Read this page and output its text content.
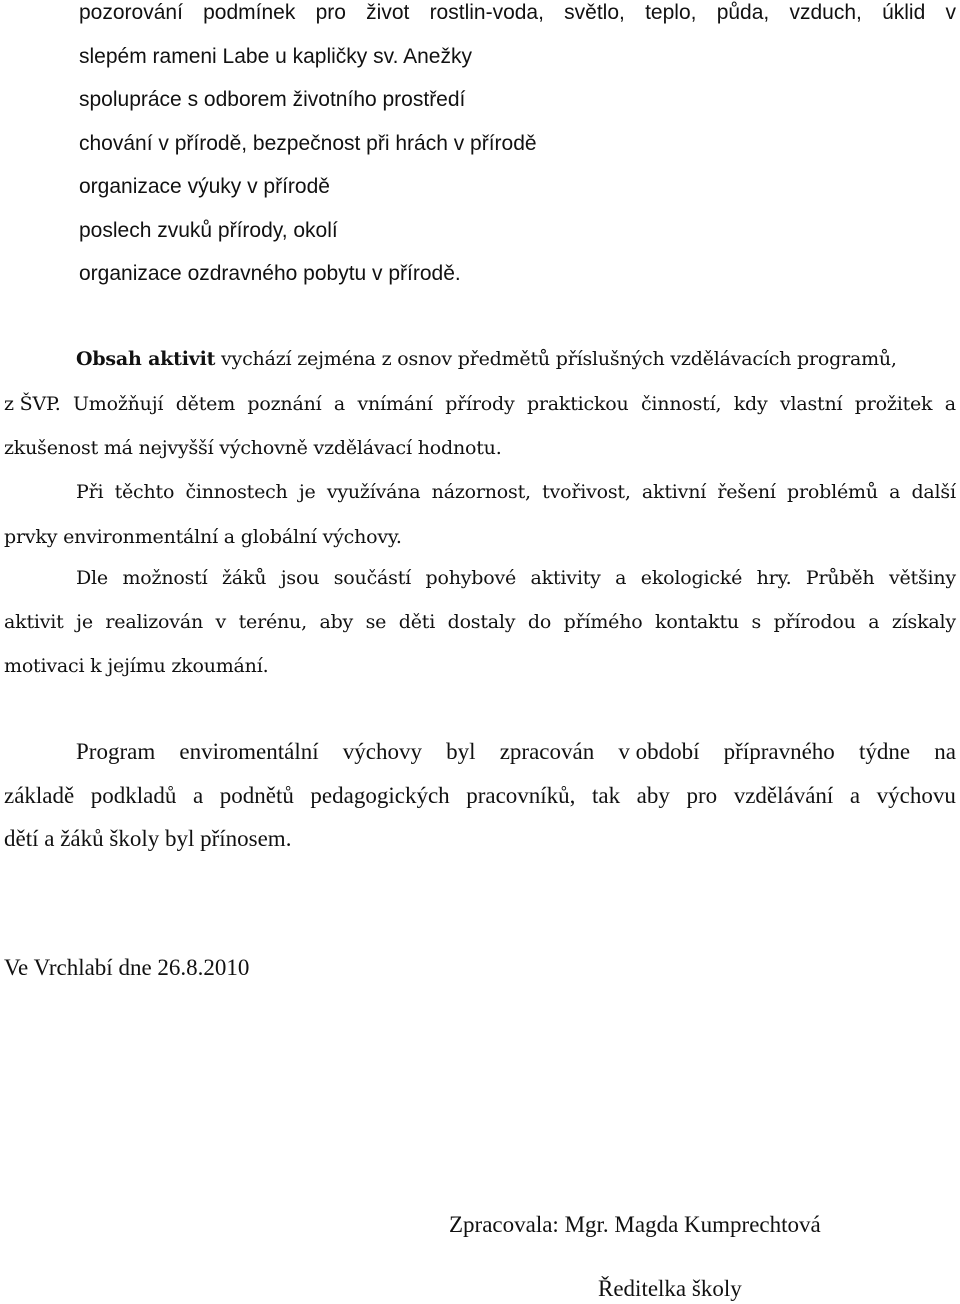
pozorování podmínek pro život rostlin-voda, světlo, teplo, půda, vzduch, úklid v
slepém rameni Labe u kapličky sv. Anežky
spolupráce s odborem životního prostředí
chování v přírodě, bezpečnost při hrách v přírodě
organizace výuky v přírodě
poslech zvuků přírody, okolí
organizace ozdravného pobytu v přírodě.
Obsah aktivit vychází zejména z osnov předmětů příslušných vzdělávacích programů,
z ŠVP. Umožňují dětem poznání a vnímání přírody praktickou činností, kdy vlastní prožitek a
zkušenost má nejvyšší výchovně vzdělávací hodnotu.
Při těchto činnostech je využívána názornost, tvořivost, aktivní řešení problémů a další
prvky environmentální a globální výchovy.
Dle možností žáků jsou součástí pohybové aktivity a ekologické hry. Průběh většiny
aktivit je realizován v terénu, aby se děti dostaly do přímého kontaktu s přírodou a získaly
motivaci k jejímu zkoumání.
Program enviromentální výchovy byl zpracován v období přípravného týdne na
základě podkladů a podnětů pedagogických pracovníků, tak aby pro vzdělávání a výchovu
dětí a žáků školy byl přínosem.
Ve Vrchlabí dne 26.8.2010
Zpracovala: Mgr. Magda Kumprechtová
Ředitelka školy
